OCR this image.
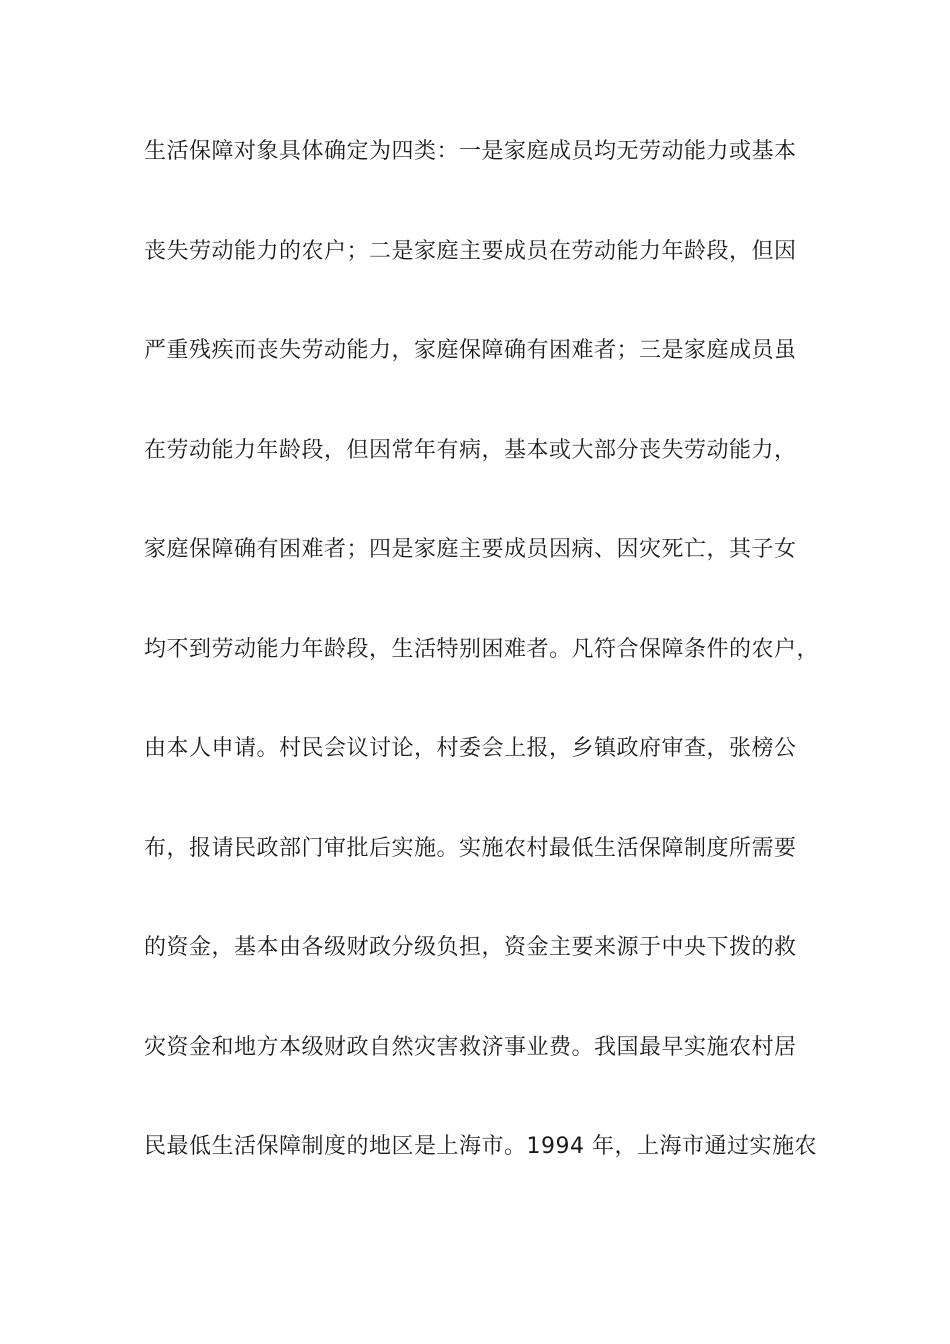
生活保障对象具体确定为四类：一是家庭成员均无劳动能力或基本
丧失劳动能力的农户；二是家庭主要成员在劳动能力年龄段，但因
严重残疾而丧失劳动能力，家庭保障确有困难者；三是家庭成员虽
在劳动能力年龄段，但因常年有病，基本或大部分丧失劳动能力，
家庭保障确有困难者；四是家庭主要成员因病、因灾死亡，其子女
均不到劳动能力年龄段，生活特别困难者。凡符合保障条件的农户，
由本人申请。村民会议讨论，村委会上报，乡镇政府审查，张榜公
布，报请民政部门审批后实施。实施农村最低生活保障制度所需要
的资金，基本由各级财政分级负担，资金主要来源于中央下拨的救
灾资金和地方本级财政自然灾害救济事业费。我国最早实施农村居
民最低生活保障制度的地区是上海市。1994 年，上海市通过实施农
